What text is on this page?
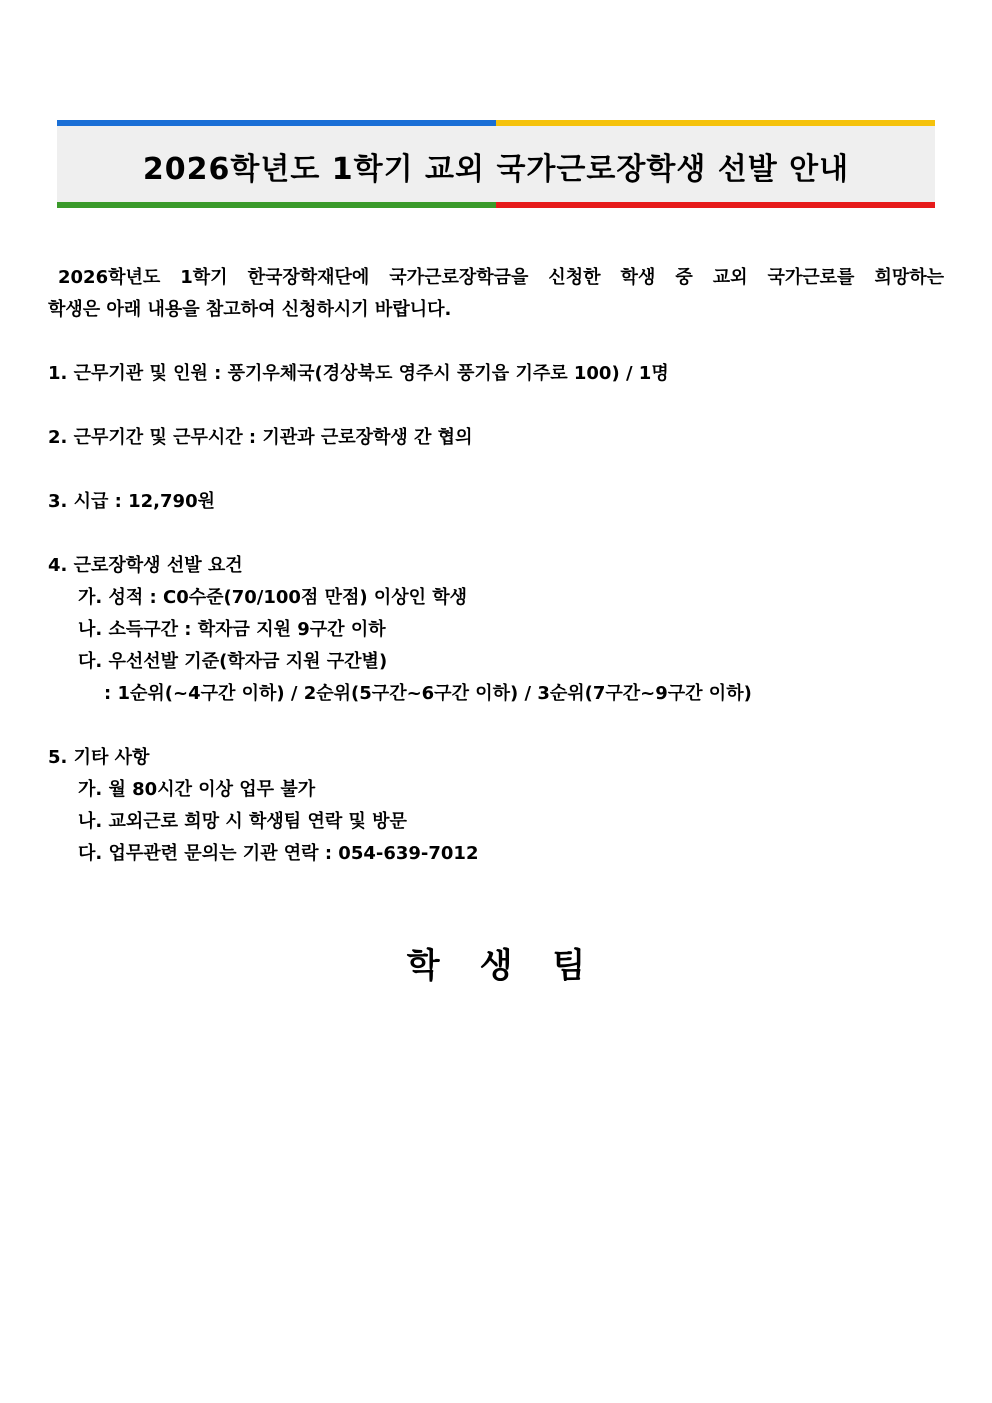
2026학년도 1학기 교외 국가근로장학생 선발 안내
2026학년도 1학기 한국장학재단에 국가근로장학금을 신청한 학생 중 교외 국가근로를 희망하는
학생은 아래 내용을 참고하여 신청하시기 바랍니다.
1. 근무기관 및 인원 : 풍기우체국(경상북도 영주시 풍기읍 기주로 100) / 1명
2. 근무기간 및 근무시간 : 기관과 근로장학생 간 협의
3. 시급 : 12,790원
4. 근로장학생 선발 요건
가. 성적 : C0수준(70/100점 만점) 이상인 학생
나. 소득구간 : 학자금 지원 9구간 이하
다. 우선선발 기준(학자금 지원 구간별)
: 1순위(~4구간 이하) / 2순위(5구간~6구간 이하) / 3순위(7구간~9구간 이하)
5. 기타 사항
가. 월 80시간 이상 업무 불가
나. 교외근로 희망 시 학생팀 연락 및 방문
다. 업무관련 문의는 기관 연락 : 054-639-7012
학생팀
